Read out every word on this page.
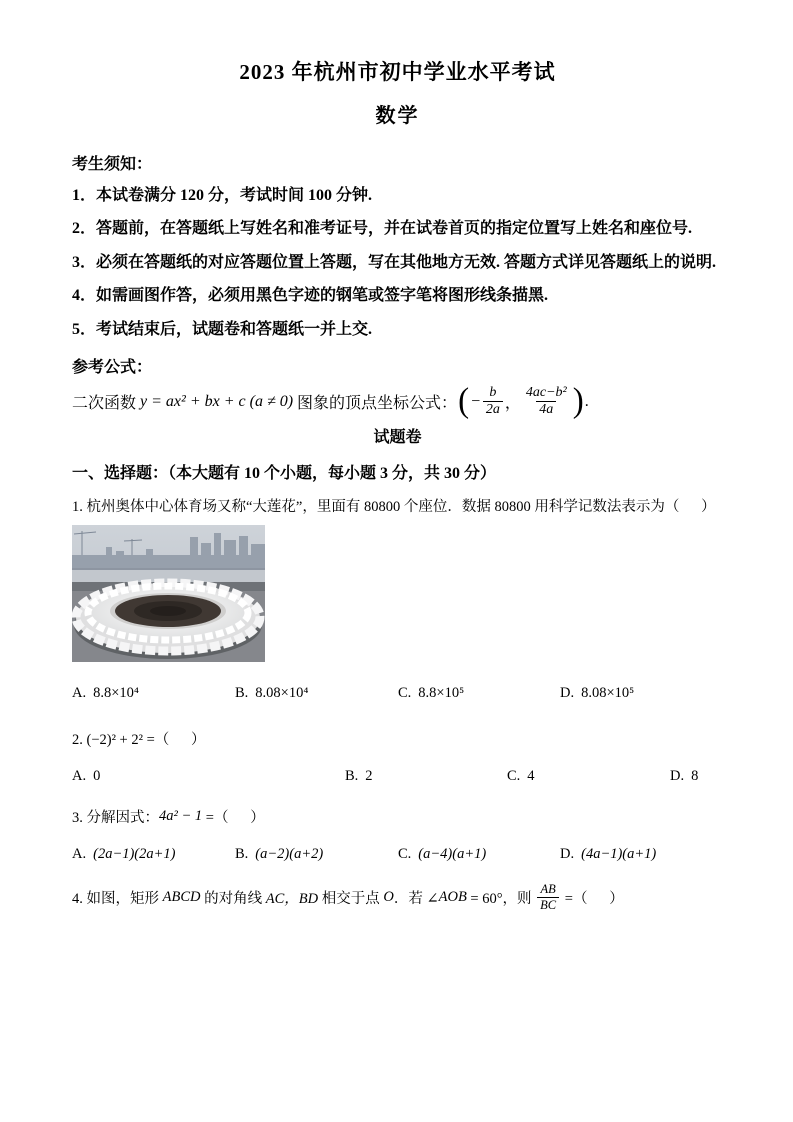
2023 年杭州市初中学业水平考试
数学
考生须知：

1．本试卷满分 120 分，考试时间 100 分钟.

2．答题前，在答题纸上写姓名和准考证号，并在试卷首页的指定位置写上姓名和座位号.

3．必须在答题纸的对应答题位置上答题，写在其他地方无效. 答题方式详见答题纸上的说明.

4．如需画图作答，必须用黑色字迹的钢笔或签字笔将图形线条描黑.

5．考试结束后，试题卷和答题纸一并上交.

参考公式：
二次函数 y = ax² + bx + c (a ≠ 0) 图象的顶点坐标公式： ( − $\frac{b}{2a}$ ， $\frac{\text{4ac−b²}}{4a}$ ) .
试题卷
一、选择题：（本大题有 10 个小题，每小题 3 分，共 30 分）

1. 杭州奥体中心体育场又称“大莲花”，里面有 80800 个座位．数据 80800 用科学记数法表示为（      ）

A. 8.8×10⁴	B. 8.08×10⁴	C. 8.8×10⁵	D. 8.08×10⁵

2. (−2)² + 2² =（      ）

A. 0	B. 2	C. 4	D. 8
3. 分解因式： 4a² − 1 =（      ）
A. (2a−1)(2a+1)	B. (a−2)(a+2)	C. (a−4)(a+1)	D. (4a−1)(a+1)
4. 如图，矩形 ABCD 的对角线 AC，BD 相交于点 O ．若 ∠ AOB = 60°，则 $\frac{AB}{BC}$ =（      ）
